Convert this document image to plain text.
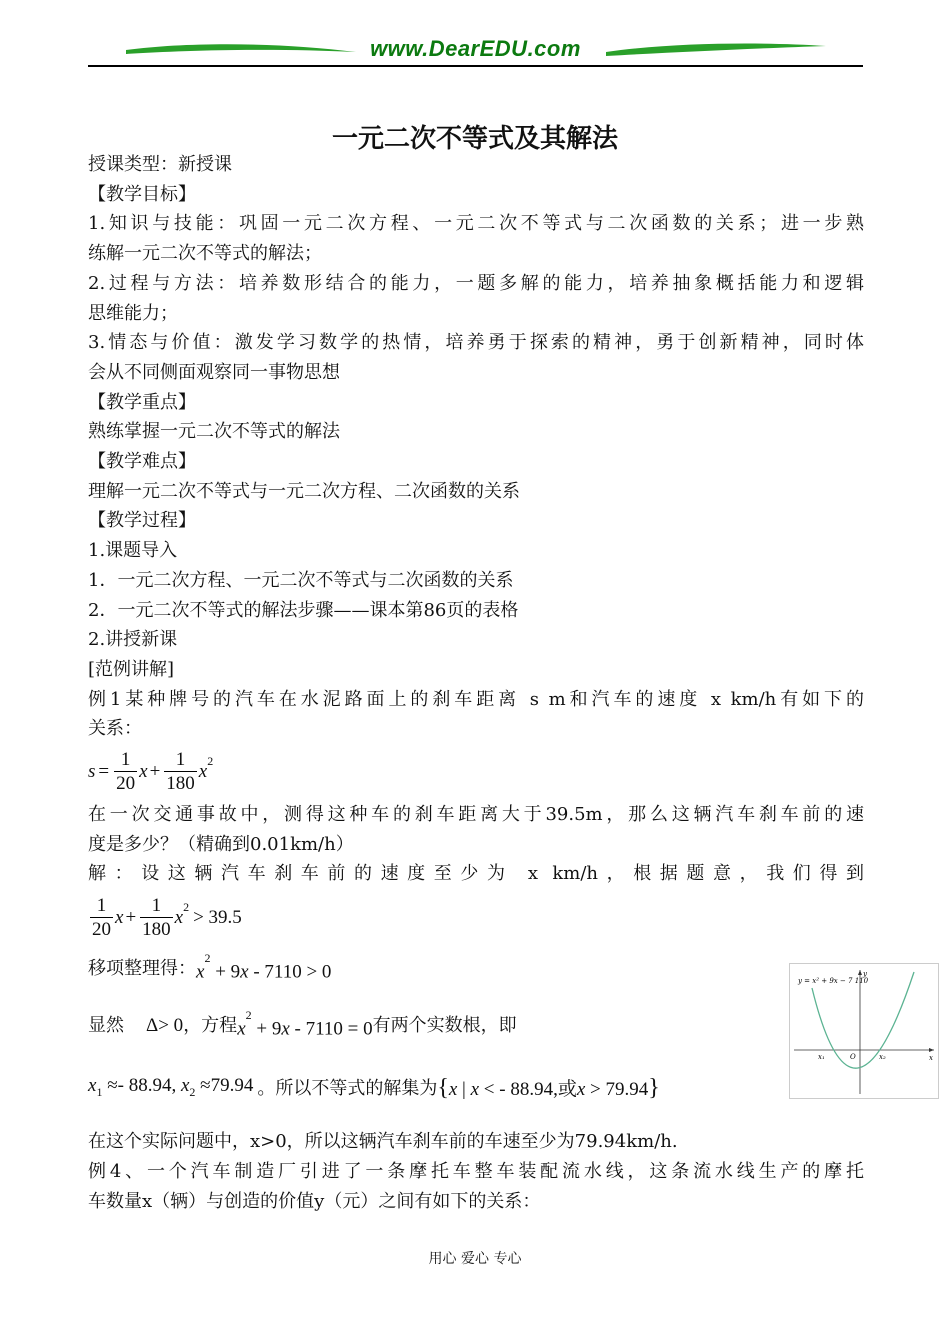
www.DearEDU.com
一元二次不等式及其解法

授课类型：新授课

【教学目标】

1.知识与技能：巩固一元二次方程、一元二次不等式与二次函数的关系；进一步熟

练解一元二次不等式的解法；

2.过程与方法：培养数形结合的能力，一题多解的能力，培养抽象概括能力和逻辑

思维能力；

3.情态与价值：激发学习数学的热情，培养勇于探索的精神，勇于创新精神，同时体

会从不同侧面观察同一事物思想

【教学重点】

熟练掌握一元二次不等式的解法

【教学难点】

理解一元二次不等式与一元二次方程、二次函数的关系

【教学过程】

1.课题导入

1．一元二次方程、一元二次不等式与二次函数的关系

2．一元二次不等式的解法步骤——课本第86页的表格

2.讲授新课

[范例讲解]

例1某种牌号的汽车在水泥路面上的刹车距离 s m和汽车的速度 x km/h有如下的

关系：

$s = \frac{1}{20}$ $x + \frac{1}{180} x^2$

在一次交通事故中，测得这种车的刹车距离大于39.5m，那么这辆汽车刹车前的速

度是多少？（精确到0.01km/h）

解：设这辆汽车刹车前的速度至少为 x km/h，根据题意，我们得到

$\frac{1}{20}$ $x + \frac{1}{180} x^2 > 39.5$
移项整理得： $x^2 + 9x - 7110 > 0$
显然 Δ> 0 ，方程 $x^2 + 9x - 7110 = 0$ 有两个实数根，即
$x_1 \approx- 88.94$, $x_2 \approx 79.94$ 。所以不等式的解集为 {x | x < - 88.94,或x > 79.94}

在这个实际问题中，x>0，所以这辆汽车刹车前的车速至少为79.94km/h.

例4、一个汽车制造厂引进了一条摩托车整车装配流水线，这条流水线生产的摩托

车数量x（辆）与创造的价值y（元）之间有如下的关系：

y = x² + 9x − 7 110
y
x
x₁	O	x₂
用心 爱心 专心
